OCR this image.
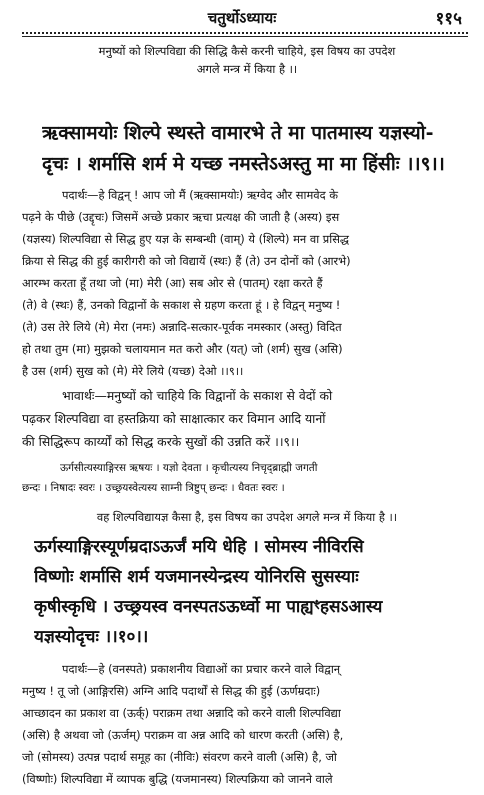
चतुर्थोऽध्यायः	११५
मनुष्यों को शिल्पविद्या की सिद्धि कैसे करनी चाहिये, इस विषय का उपदेश
अगले मन्त्र में किया है ।।
ऋक्सामयोः शिल्पे स्थस्ते वामारभे ते मा पातमास्य यज्ञस्यो-
दृचः । शर्मासि शर्म मे यच्छ नमस्तेऽअस्तु मा मा हिंसीः ।।९।।
पदार्थः—हे विद्वन् ! आप जो मैं (ऋक्सामयोः) ऋग्वेद और सामवेद के
पढ़ने के पीछे (उद्दृचः) जिसमें अच्छे प्रकार ऋचा प्रत्यक्ष की जाती है (अस्य) इस
(यज्ञस्य) शिल्पविद्या से सिद्ध हुए यज्ञ के सम्बन्धी (वाम्) ये (शिल्पे) मन वा प्रसिद्ध
क्रिया से सिद्ध की हुई कारीगरी को जो विद्यायें (स्थः) हैं (ते) उन दोनों को (आरभे)
आरम्भ करता हूँ तथा जो (मा) मेरी (आ) सब ओर से (पातम्) रक्षा करते हैं
(ते) वे (स्थः) हैं, उनको विद्वानों के सकाश से ग्रहण करता हूं । हे विद्वन् मनुष्य !
(ते) उस तेरे लिये (मे) मेरा (नमः) अन्नादि-सत्कार-पूर्वक नमस्कार (अस्तु) विदित
हो तथा तुम (मा) मुझको चलायमान मत करो और (यत्) जो (शर्म) सुख (असि)
है उस (शर्म) सुख को (मे) मेरे लिये (यच्छ) देओ ।।९।।
भावार्थः—मनुष्यों को चाहिये कि विद्वानों के सकाश से वेदों को
पढ़कर शिल्पविद्या वा हस्तक्रिया को साक्षात्कार कर विमान आदि यानों
की सिद्धिरूप कार्य्यों को सिद्ध करके सुखों की उन्नति करें ।।९।।
ऊर्गसीत्यस्याङ्गिरस ऋषयः । यज्ञो देवता । कृचीत्यस्य निचृद्ब्राह्मी जगती
छन्दः । निषादः स्वरः । उच्छ्रयस्वेत्यस्य साम्नी त्रिष्टुप् छन्दः । धैवतः स्वरः ।
वह शिल्पविद्यायज्ञ कैसा है, इस विषय का उपदेश अगले मन्त्र में किया है ।।
ऊर्गस्याङ्गिरस्यूर्णम्रदाऽऊर्जं मयि धेहि । सोमस्य नीविरसि
विष्णोः शर्मासि शर्म यजमानस्येन्द्रस्य योनिरसि सुसस्याः
कृषीस्कृधि । उच्छ्रयस्व वनस्पतऽऊर्ध्वो मा पाह्यꣳहसऽआस्य
यज्ञस्योदृचः ।।१०।।
पदार्थः—हे (वनस्पते) प्रकाशनीय विद्याओं का प्रचार करने वाले विद्वान्
मनुष्य ! तू जो (आङ्गिरसि) अग्नि आदि पदार्थों से सिद्ध की हुई (ऊर्णम्रदाः)
आच्छादन का प्रकाश वा (ऊर्क्) पराक्रम तथा अन्नादि को करने वाली शिल्पविद्या
(असि) है अथवा जो (ऊर्जम्) पराक्रम वा अन्न आदि को धारण करती (असि) है,
जो (सोमस्य) उत्पन्न पदार्थ समूह का (नीविः) संवरण करने वाली (असि) है, जो
(विष्णोः) शिल्पविद्या में व्यापक बुद्धि (यजमानस्य) शिल्पक्रिया को जानने वाले
